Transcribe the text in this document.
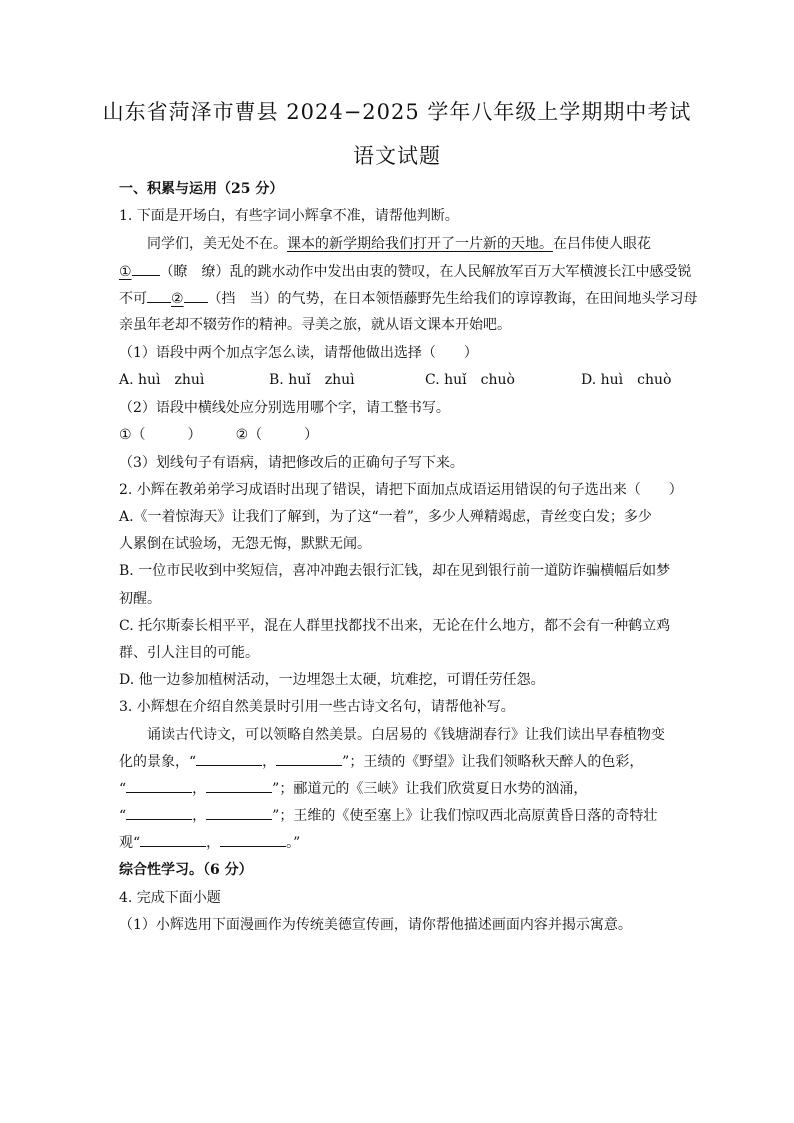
山东省菏泽市曹县 2024−2025 学年八年级上学期期中考试
语文试题
一、积累与运用（25 分）
1. 下面是开场白，有些字词小辉拿不准，请帮他判断。
同学们，美无处不在。课本的新学期给我们打开了一片新的天地。在吕伟使人眼花
① （瞭　缭）乱的跳水动作中发出由衷的赞叹，在人民解放军百万大军横渡长江中感受锐
不可 ② （挡　当）的气势，在日本领悟藤野先生给我们的谆谆教诲，在田间地头学习母
亲虽年老却不辍劳作的精神。寻美之旅，就从语文课本开始吧。
（1）语段中两个加点字怎么读，请帮他做出选择（　　）
A. huì　zhuì	B. huǐ　zhuì	C. huǐ　chuò	D. huì　chuò
（2）语段中横线处应分别选用哪个字，请工整书写。
①（　　　） ②（　　　）
（3）划线句子有语病，请把修改后的正确句子写下来。
2. 小辉在教弟弟学习成语时出现了错误，请把下面加点成语运用错误的句子选出来（　　）
A.《一着惊海天》让我们了解到，为了这“一着”，多少人殚精竭虑，青丝变白发；多少
人累倒在试验场，无怨无悔，默默无闻。
B. 一位市民收到中奖短信，喜冲冲跑去银行汇钱，却在见到银行前一道防诈骗横幅后如梦
初醒。
C. 托尔斯泰长相平平，混在人群里找都找不出来，无论在什么地方，都不会有一种鹤立鸡
群、引人注目的可能。
D. 他一边参加植树活动，一边埋怨土太硬，坑难挖，可谓任劳任怨。
3. 小辉想在介绍自然美景时引用一些古诗文名句，请帮他补写。
诵读古代诗文，可以领略自然美景。白居易的《钱塘湖春行》让我们读出早春植物变
化的景象，“	，	”；王绩的《野望》让我们领略秋天醉人的色彩，
“	，	”；郦道元的《三峡》让我们欣赏夏日水势的汹涌，
“	，	”；王维的《使至塞上》让我们惊叹西北高原黄昏日落的奇特壮
观“	，	。”
综合性学习。（6 分）
4. 完成下面小题
（1）小辉选用下面漫画作为传统美德宣传画，请你帮他描述画面内容并揭示寓意。
